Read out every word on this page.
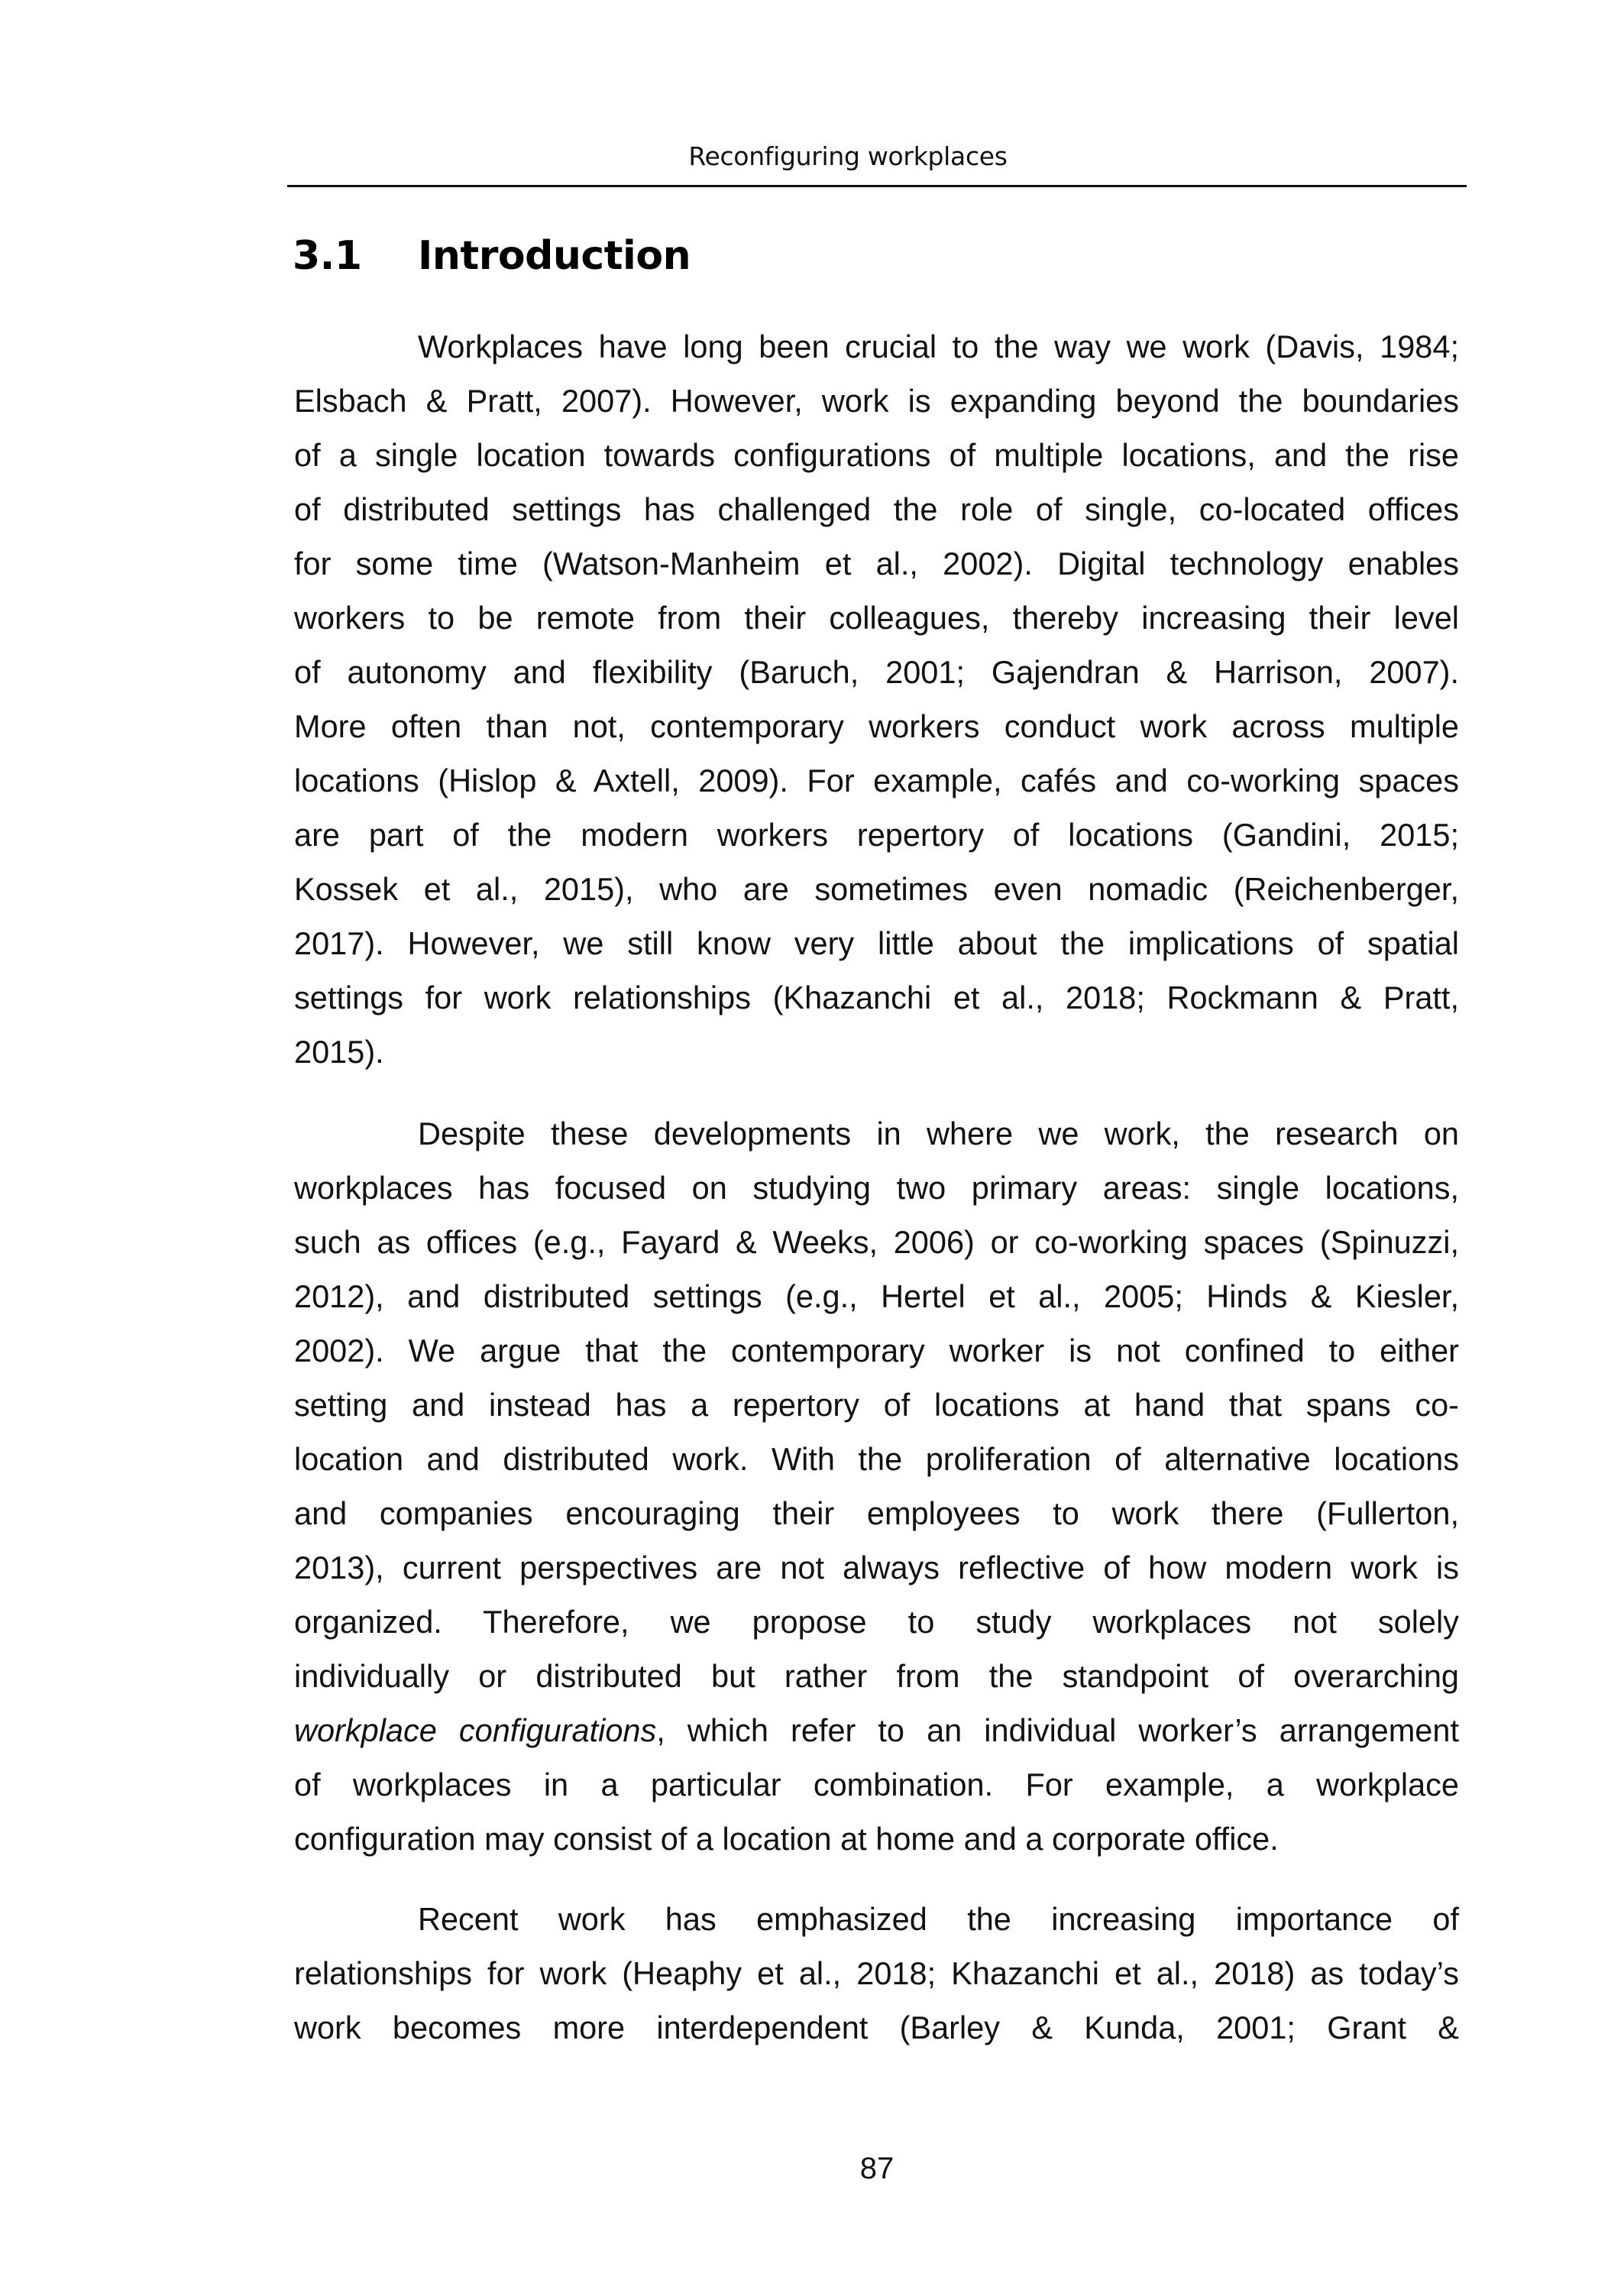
Reconfiguring workplaces
3.1 Introduction
Workplaces have long been crucial to the way we work (Davis, 1984;
Elsbach & Pratt, 2007). However, work is expanding beyond the boundaries
of a single location towards configurations of multiple locations, and the rise
of distributed settings has challenged the role of single, co-located offices
for some time (Watson-Manheim et al., 2002). Digital technology enables
workers to be remote from their colleagues, thereby increasing their level
of autonomy and flexibility (Baruch, 2001; Gajendran & Harrison, 2007).
More often than not, contemporary workers conduct work across multiple
locations (Hislop & Axtell, 2009). For example, cafés and co-working spaces
are part of the modern workers repertory of locations (Gandini, 2015;
Kossek et al., 2015), who are sometimes even nomadic (Reichenberger,
2017). However, we still know very little about the implications of spatial
settings for work relationships (Khazanchi et al., 2018; Rockmann & Pratt,
2015).
Despite these developments in where we work, the research on
workplaces has focused on studying two primary areas: single locations,
such as offices (e.g., Fayard & Weeks, 2006) or co-working spaces (Spinuzzi,
2012), and distributed settings (e.g., Hertel et al., 2005; Hinds & Kiesler,
2002). We argue that the contemporary worker is not confined to either
setting and instead has a repertory of locations at hand that spans co-
location and distributed work. With the proliferation of alternative locations
and companies encouraging their employees to work there (Fullerton,
2013), current perspectives are not always reflective of how modern work is
organized. Therefore, we propose to study workplaces not solely
individually or distributed but rather from the standpoint of overarching
workplace configurations, which refer to an individual worker’s arrangement
of workplaces in a particular combination. For example, a workplace
configuration may consist of a location at home and a corporate office.
Recent work has emphasized the increasing importance of
relationships for work (Heaphy et al., 2018; Khazanchi et al., 2018) as today’s
work becomes more interdependent (Barley & Kunda, 2001; Grant &
87
